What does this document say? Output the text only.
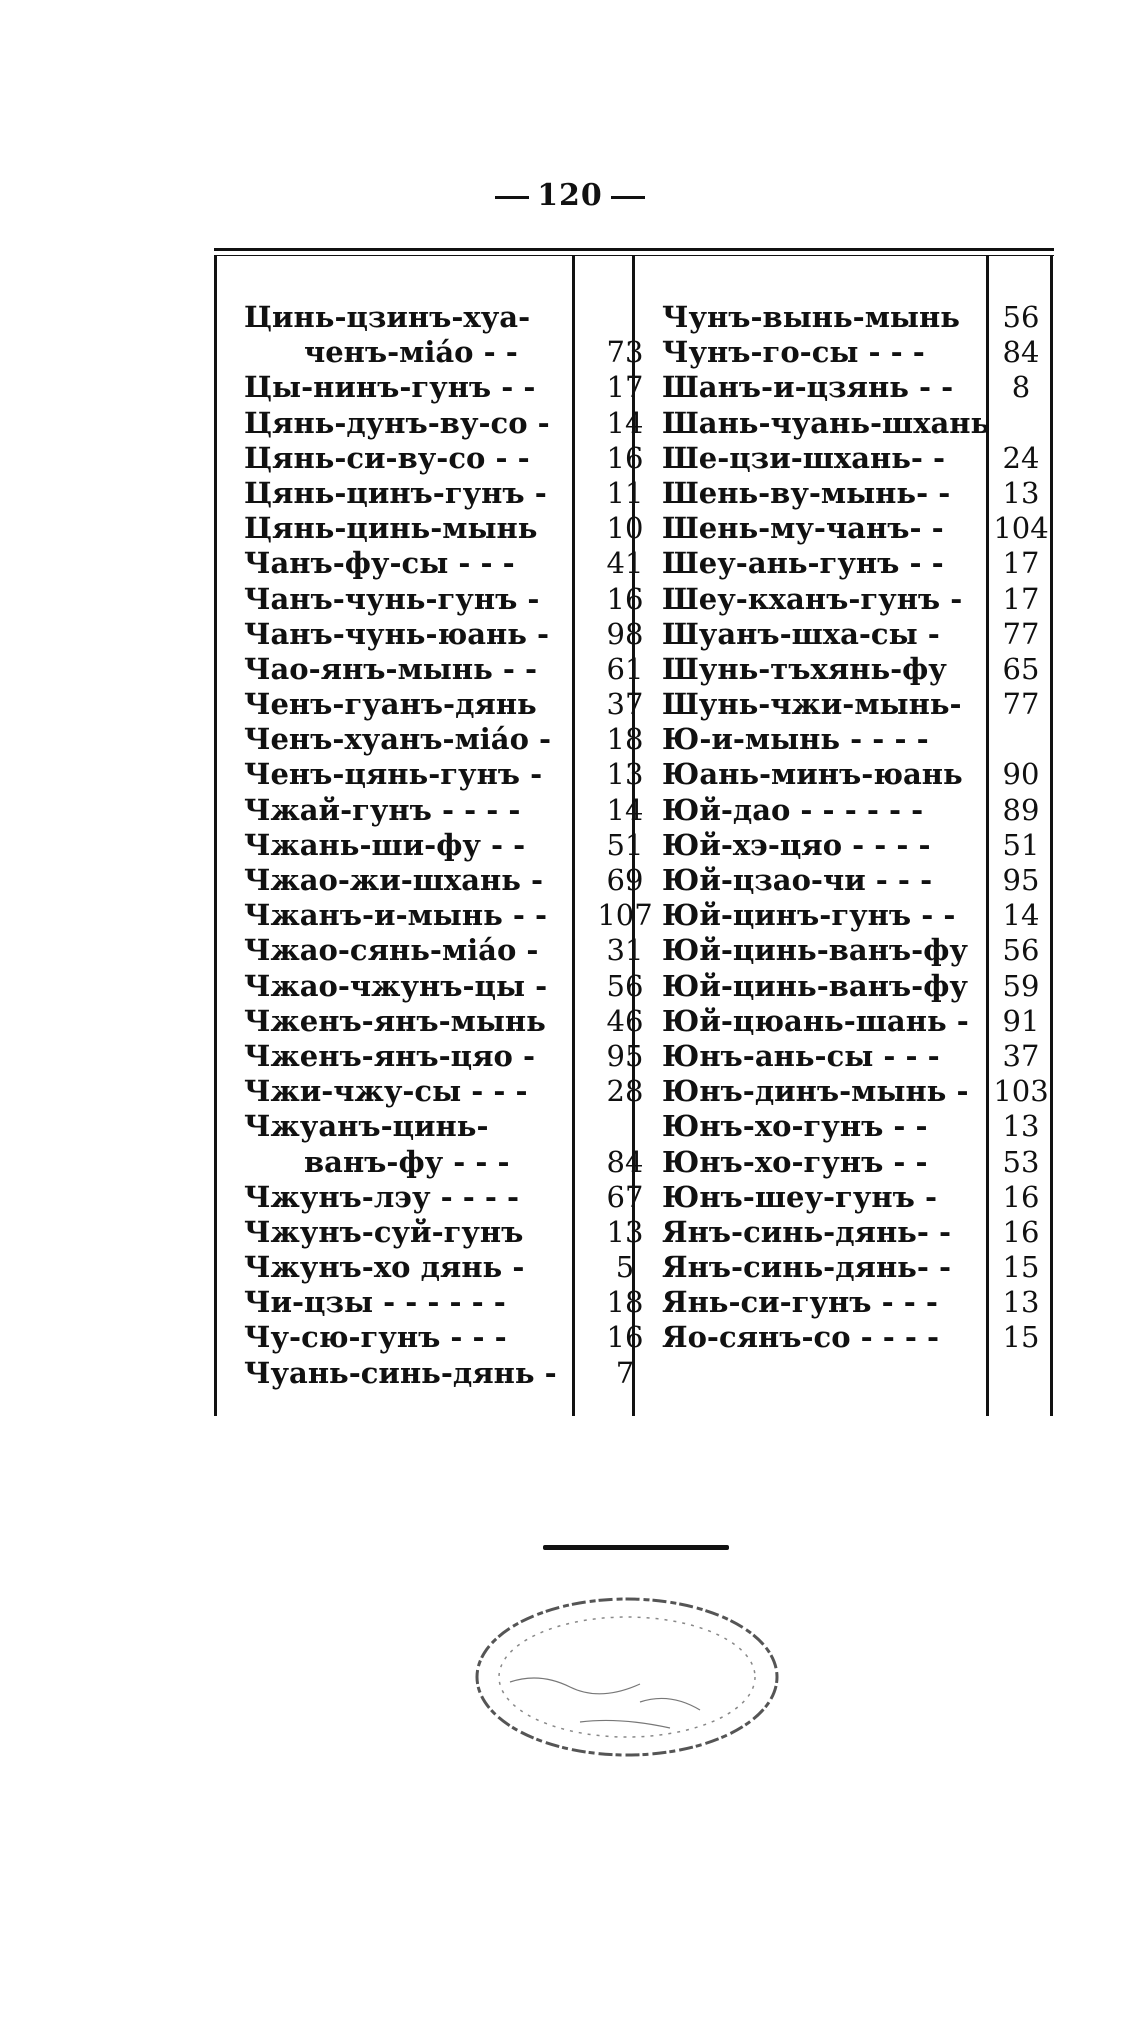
120
Цинь-цзинъ-хуа-
ченъ-міáо - -	73
Цы-нинъ-гунъ - -	17
Цянь-дунъ-ву-со -	14
Цянь-си-ву-со - -	16
Цянь-цинъ-гунъ -	11
Цянь-цинь-мынь	10
Чанъ-фу-сы - - -	41
Чанъ-чунь-гунъ -	16
Чанъ-чунь-юань -	98
Чао-янъ-мынь - -	61
Ченъ-гуанъ-дянь	37
Ченъ-хуанъ-міáо -	18
Ченъ-цянь-гунъ -	13
Чжай-гунъ - - - -	14
Чжань-ши-фу - -	51
Чжао-жи-шхань -	69
Чжанъ-и-мынь - - 107
Чжао-сянь-міáо -	31
Чжао-чжунъ-цы -	56
Чженъ-янъ-мынь	46
Чженъ-янъ-цяо -	95
Чжи-чжу-сы - - -	28
Чжуанъ-цинь-
ванъ-фу - - -	84
Чжунъ-лэу - - - -	67
Чжунъ-суй-гунъ	13
Чжунъ-хо дянь -	5
Чи-цзы - - - - - -	18
Чу-сю-гунъ - - -	16
Чуань-синь-дянь -	7
Чунъ-вынь-мынь	56
Чунъ-го-сы - - -	84
Шанъ-и-цзянь - -	8
Шань-чуань-шхань
Ше-цзи-шхань- -	24
Шень-ву-мынь- -	13
Шень-му-чанъ- - 104
Шеу-ань-гунъ - -	17
Шеу-кханъ-гунъ -	17
Шуанъ-шха-сы -	77
Шунь-тъхянь-фу	65
Шунь-чжи-мынь-	77
Ю-и-мынь - - - -
Юань-минъ-юань	90
Юй-дао - - - - - -	89
Юй-хэ-цяо - - - -	51
Юй-цзао-чи - - -	95
Юй-цинъ-гунъ - -	14
Юй-цинь-ванъ-фу	56
Юй-цинь-ванъ-фу	59
Юй-цюань-шань -	91
Юнъ-ань-сы - - -	37
Юнъ-динъ-мынь - 103
Юнъ-хо-гунъ - -	13
Юнъ-хо-гунъ - -	53
Юнъ-шеу-гунъ -	16
Янъ-синь-дянь- -	16
Янъ-синь-дянь- -	15
Янь-си-гунъ - - -	13
Яо-сянъ-со - - - -	15
